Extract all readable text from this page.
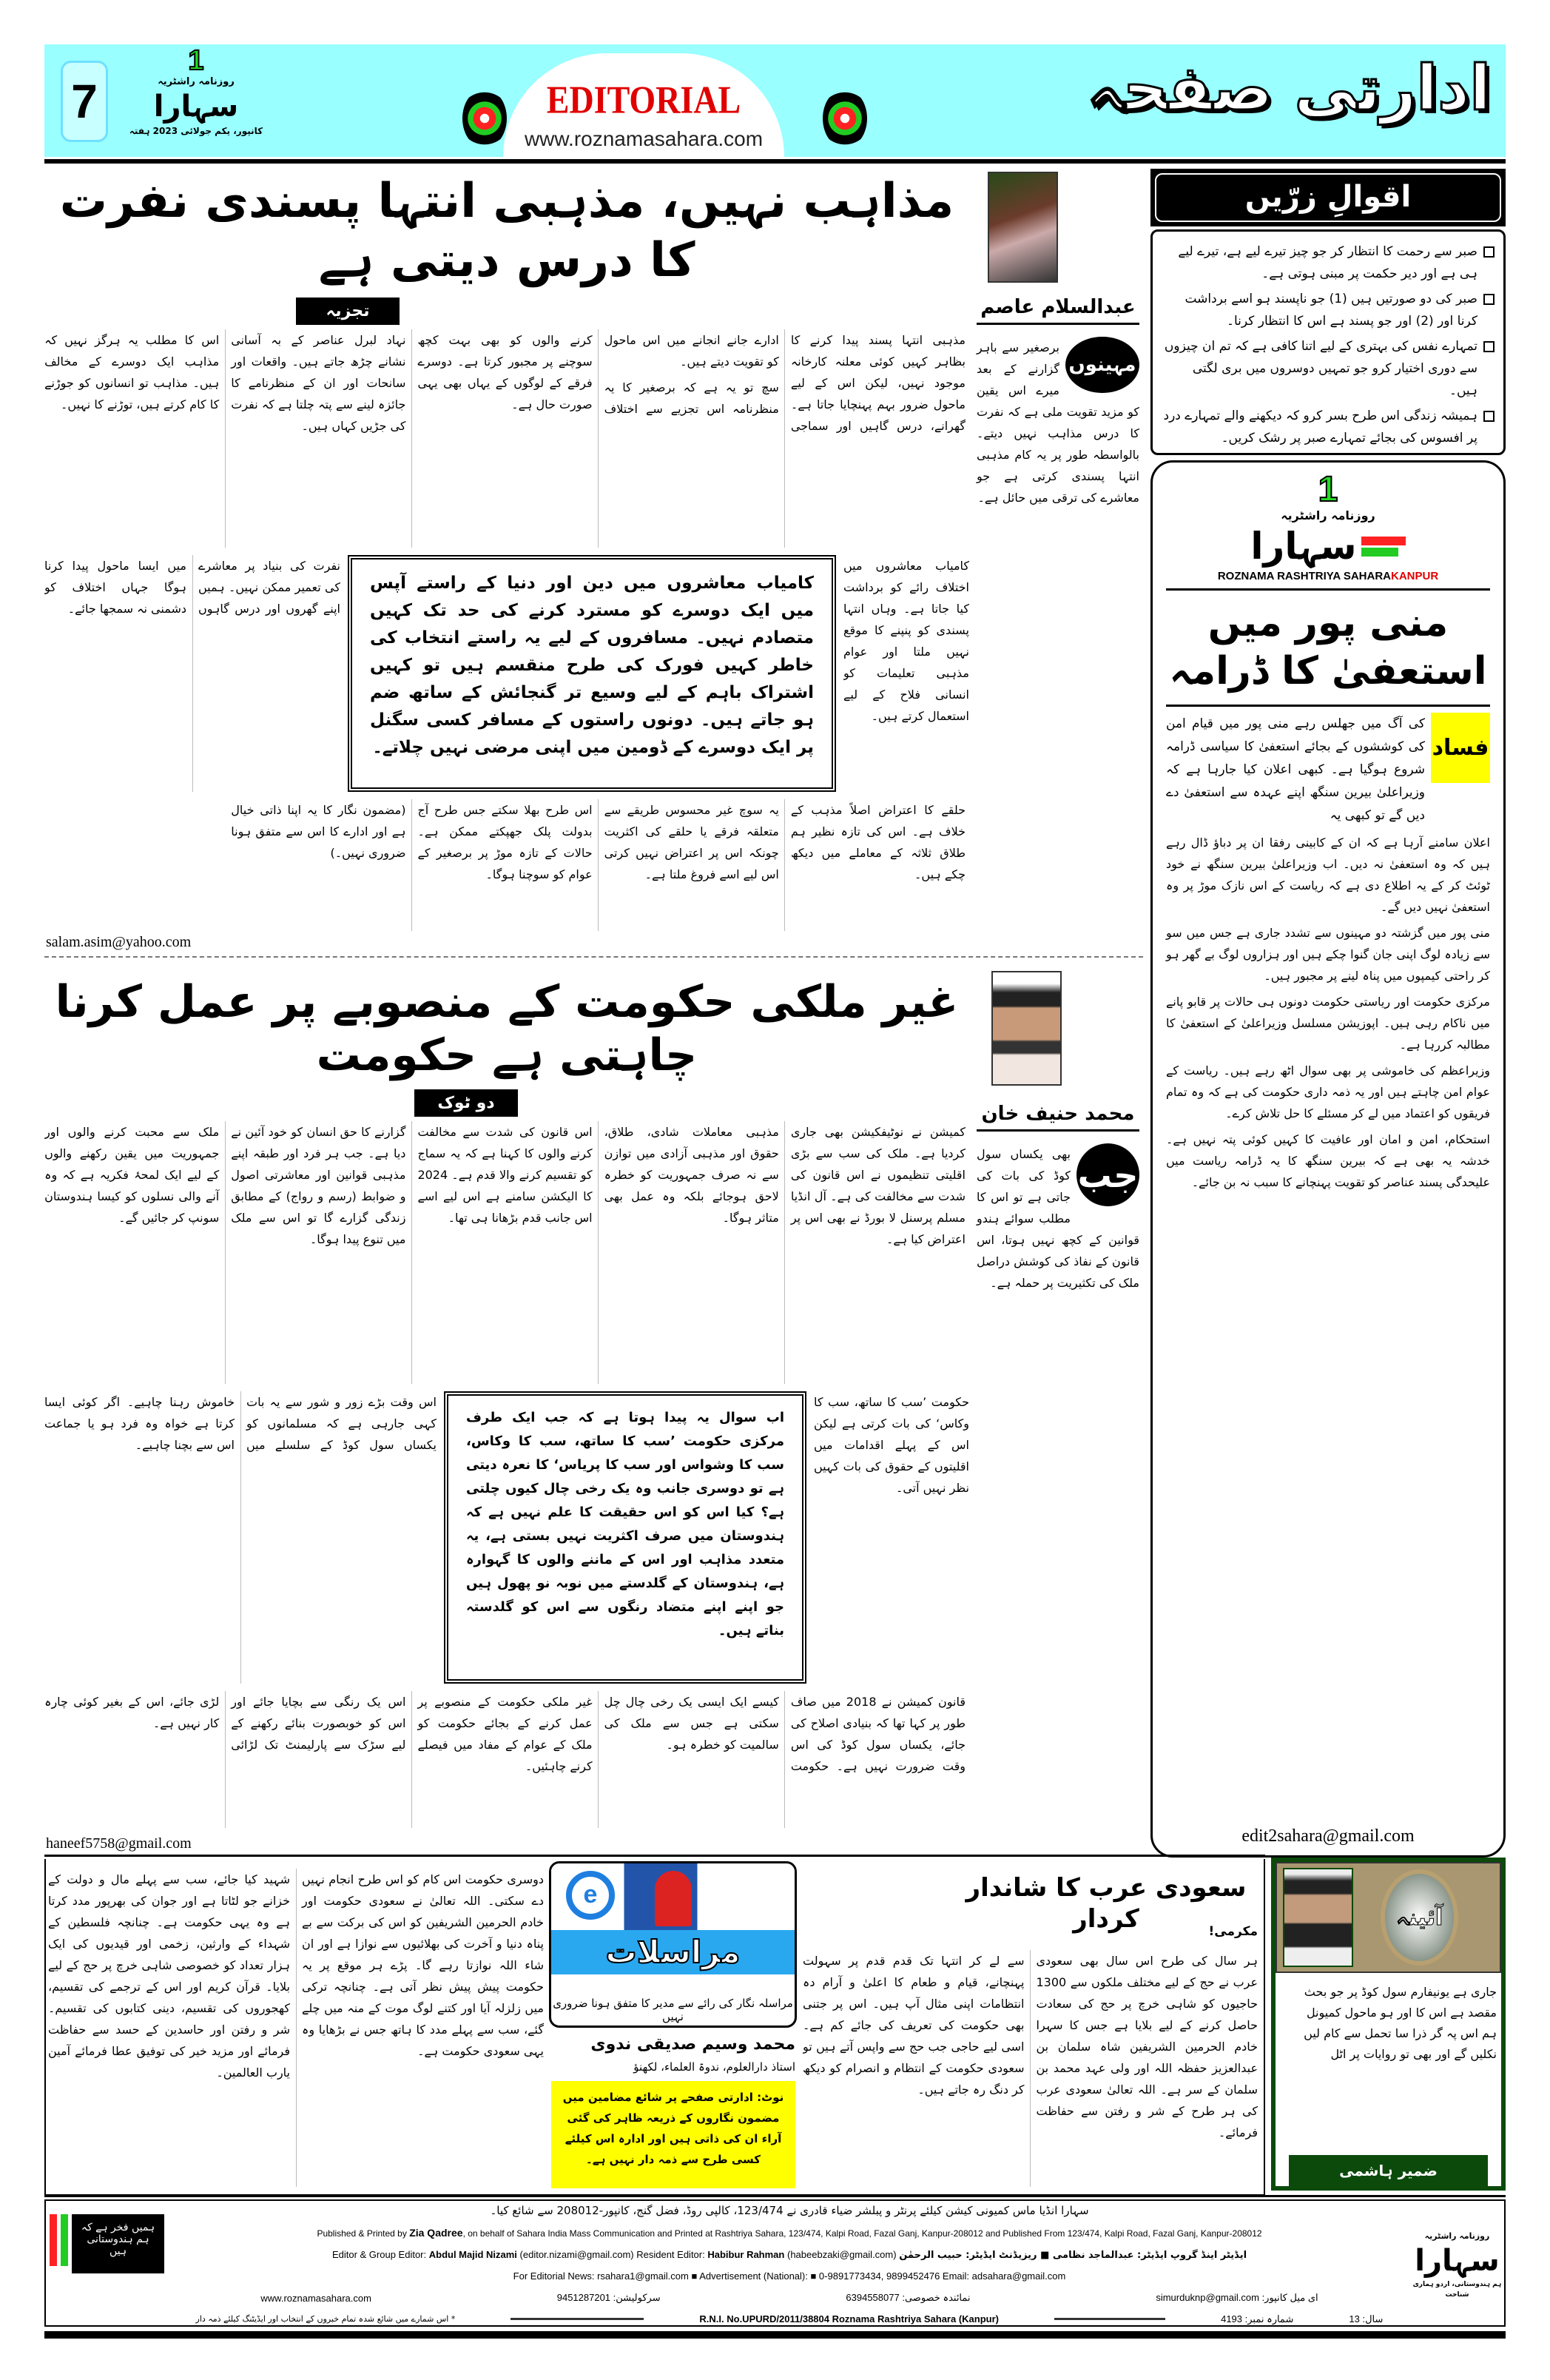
7
1
روزنامہ راشٹریہ
سہارا
کانپور، یکم جولائی 2023 ہفتہ
EDITORIAL
www.roznamasahara.com
ادارتی صفحہ
مذاہب نہیں، مذہبی انتہا پسندی نفرت کا درس دیتی ہے
عبدالسلام عاصم
مہینوں

برصغیر سے باہر گزارنے کے بعد میرے اس یقین کو مزید تقویت ملی ہے کہ نفرت کا درس مذاہب نہیں دیتے۔ بالواسطہ طور پر یہ کام مذہبی انتہا پسندی کرتی ہے جو معاشرے کی ترقی میں حائل ہے۔

تجزیہ

مذہبی انتہا پسند پیدا کرنے کا بظاہر کہیں کوئی معلنہ کارخانہ موجود نہیں، لیکن اس کے لیے ماحول ضرور بہم پہنچایا جاتا ہے۔ گھرانے، درس گاہیں اور سماجی ادارے جانے انجانے میں اس ماحول کو تقویت دیتے ہیں۔

سچ تو یہ ہے کہ برصغیر کا یہ منظرنامہ اس تجزیے سے اختلاف کرنے والوں کو بھی بہت کچھ سوچنے پر مجبور کرتا ہے۔ دوسرے فرقے کے لوگوں کے یہاں بھی یہی صورت حال ہے۔

نہاد لبرل عناصر کے بہ آسانی نشانے چڑھ جاتے ہیں۔ واقعات اور سانحات اور ان کے منظرنامے کا جائزہ لینے سے پتہ چلتا ہے کہ نفرت کی جڑیں کہاں ہیں۔

اس کا مطلب یہ ہرگز نہیں کہ مذاہب ایک دوسرے کے مخالف ہیں۔ مذاہب تو انسانوں کو جوڑنے کا کام کرتے ہیں، توڑنے کا نہیں۔

نفرت کی بنیاد پر معاشرے کی تعمیر ممکن نہیں۔ ہمیں اپنے گھروں اور درس گاہوں میں ایسا ماحول پیدا کرنا ہوگا جہاں اختلاف کو دشمنی نہ سمجھا جائے۔

کامیاب معاشروں میں دین اور دنیا کے راستے آپس میں ایک دوسرے کو مسترد کرنے کی حد تک کہیں متصادم نہیں۔ مسافروں کے لیے یہ راستے انتخاب کی خاطر کہیں فورک کی طرح منقسم ہیں تو کہیں اشتراک باہم کے لیے وسیع تر گنجائش کے ساتھ ضم ہو جاتے ہیں۔ دونوں راستوں کے مسافر کسی سگنل پر ایک دوسرے کے ڈومین میں اپنی مرضی نہیں چلاتے۔

کامیاب معاشروں میں اختلاف رائے کو برداشت کیا جاتا ہے۔ وہاں انتہا پسندی کو پنپنے کا موقع نہیں ملتا اور عوام مذہبی تعلیمات کو انسانی فلاح کے لیے استعمال کرتے ہیں۔

حلقے کا اعتراض اصلاً مذہب کے خلاف ہے۔ اس کی تازہ نظیر ہم طلاق ثلاثہ کے معاملے میں دیکھ چکے ہیں۔

یہ سوچ غیر محسوس طریقے سے متعلقہ فرقے یا حلقے کی اکثریت چونکہ اس پر اعتراض نہیں کرتی اس لیے اسے فروغ ملتا ہے۔

اس طرح بھلا سکتے جس طرح آج بدولت پلک جھپکتے ممکن ہے۔ حالات کے تازہ موڑ پر برصغیر کے عوام کو سوچنا ہوگا۔

(مضمون نگار کا یہ اپنا ذاتی خیال ہے اور ادارے کا اس سے متفق ہونا ضروری نہیں۔)

salam.asim@yahoo.com
اقوالِ زرّیں
صبر سے رحمت کا انتظار کر جو چیز تیرے لیے ہے، تیرے لیے ہی ہے اور دیر حکمت پر مبنی ہوتی ہے۔
صبر کی دو صورتیں ہیں (1) جو ناپسند ہو اسے برداشت کرنا اور (2) اور جو پسند ہے اس کا انتظار کرنا۔
تمہارے نفس کی بہتری کے لیے اتنا کافی ہے کہ تم ان چیزوں سے دوری اختیار کرو جو تمہیں دوسروں میں بری لگتی ہیں۔
ہمیشہ زندگی اس طرح بسر کرو کہ دیکھنے والے تمہارے درد پر افسوس کی بجائے تمہارے صبر پر رشک کریں۔
1
روزنامہ راشٹریہ
سہارا
ROZNAMA RASHTRIYA SAHARAKANPUR
منی پور میں استعفیٰ کا ڈرامہ
فساد

کی آگ میں جھلس رہے منی پور میں قیام امن کی کوششوں کے بجائے استعفیٰ کا سیاسی ڈرامہ شروع ہوگیا ہے۔ کبھی اعلان کیا جارہا ہے کہ وزیراعلیٰ بیرین سنگھ اپنے عہدہ سے استعفیٰ دے دیں گے تو کبھی یہ

اعلان سامنے آرہا ہے کہ ان کے کابینی رفقا ان پر دباؤ ڈال رہے ہیں کہ وہ استعفیٰ نہ دیں۔ اب وزیراعلیٰ بیرین سنگھ نے خود ٹوئٹ کر کے یہ اطلاع دی ہے کہ ریاست کے اس نازک موڑ پر وہ استعفیٰ نہیں دیں گے۔

منی پور میں گزشتہ دو مہینوں سے تشدد جاری ہے جس میں سو سے زیادہ لوگ اپنی جان گنوا چکے ہیں اور ہزاروں لوگ بے گھر ہو کر راحتی کیمپوں میں پناہ لینے پر مجبور ہیں۔

مرکزی حکومت اور ریاستی حکومت دونوں ہی حالات پر قابو پانے میں ناکام رہی ہیں۔ اپوزیشن مسلسل وزیراعلیٰ کے استعفیٰ کا مطالبہ کررہا ہے۔

وزیراعظم کی خاموشی پر بھی سوال اٹھ رہے ہیں۔ ریاست کے عوام امن چاہتے ہیں اور یہ ذمہ داری حکومت کی ہے کہ وہ تمام فریقوں کو اعتماد میں لے کر مسئلے کا حل تلاش کرے۔

استحکام، امن و امان اور عافیت کا کہیں کوئی پتہ نہیں ہے۔ خدشہ یہ بھی ہے کہ بیرین سنگھ کا یہ ڈرامہ ریاست میں علیحدگی پسند عناصر کو تقویت پہنچانے کا سبب نہ بن جائے۔

edit2sahara@gmail.com
غیر ملکی حکومت کے منصوبے پر عمل کرنا چاہتی ہے حکومت
محمد حنیف خان
جب

بھی یکساں سول کوڈ کی بات کی جاتی ہے تو اس کا مطلب سوائے ہندو قوانین کے کچھ نہیں ہوتا، اس قانون کے نفاذ کی کوشش دراصل ملک کی تکثیریت پر حملہ ہے۔

دو ٹوک

کمیشن نے نوٹیفکیشن بھی جاری کردیا ہے۔ ملک کی سب سے بڑی اقلیتی تنظیموں نے اس قانون کی شدت سے مخالفت کی ہے۔ آل انڈیا مسلم پرسنل لا بورڈ نے بھی اس پر اعتراض کیا ہے۔

مذہبی معاملات شادی، طلاق، حقوق اور مذہبی آزادی میں توازن سے نہ صرف جمہوریت کو خطرہ لاحق ہوجائے بلکہ وہ عمل بھی متاثر ہوگا۔

اس قانون کی شدت سے مخالفت کرنے والوں کا کہنا ہے کہ یہ سماج کو تقسیم کرنے والا قدم ہے۔ 2024 کا الیکشن سامنے ہے اس لیے اسے اس جانب قدم بڑھانا ہی تھا۔

گزارنے کا حق انسان کو خود آئین نے دیا ہے۔ جب ہر فرد اور طبقہ اپنے مذہبی قوانین اور معاشرتی اصول و ضوابط (رسم و رواج) کے مطابق زندگی گزارے گا تو اس سے ملک میں تنوع پیدا ہوگا۔

ملک سے محبت کرنے والوں اور جمہوریت میں یقین رکھنے والوں کے لیے ایک لمحۂ فکریہ ہے کہ وہ آنے والی نسلوں کو کیسا ہندوستان سونپ کر جائیں گے۔

اس وقت بڑے زور و شور سے یہ بات کہی جارہی ہے کہ مسلمانوں کو یکساں سول کوڈ کے سلسلے میں خاموش رہنا چاہیے۔ اگر کوئی ایسا کرتا ہے خواہ وہ فرد ہو یا جماعت اس سے بچنا چاہیے۔

اب سوال یہ پیدا ہوتا ہے کہ جب ایک طرف مرکزی حکومت ’سب کا ساتھ، سب کا وکاس، سب کا وشواس اور سب کا پریاس‘ کا نعرہ دیتی ہے تو دوسری جانب وہ یک رخی چال کیوں چلتی ہے؟ کیا اس کو اس حقیقت کا علم نہیں ہے کہ ہندوستان میں صرف اکثریت نہیں بستی ہے، یہ متعدد مذاہب اور اس کے ماننے والوں کا گہوارہ ہے، ہندوستان کے گلدستے میں نوبہ نو پھول ہیں جو اپنے اپنے متضاد رنگوں سے اس کو گلدستہ بناتے ہیں۔

حکومت ’سب کا ساتھ، سب کا وکاس‘ کی بات کرتی ہے لیکن اس کے پہلے اقدامات میں اقلیتوں کے حقوق کی بات کہیں نظر نہیں آتی۔

قانون کمیشن نے 2018 میں صاف طور پر کہا تھا کہ بنیادی اصلاح کی جائے، یکساں سول کوڈ کی اس وقت ضرورت نہیں ہے۔ حکومت کیسے ایک ایسی یک رخی چال چل سکتی ہے جس سے ملک کی سالمیت کو خطرہ ہو۔

غیر ملکی حکومت کے منصوبے پر عمل کرنے کے بجائے حکومت کو ملک کے عوام کے مفاد میں فیصلے کرنے چاہئیں۔

اس یک رنگی سے بچایا جائے اور اس کو خوبصورت بنائے رکھنے کے لیے سڑک سے پارلیمنٹ تک لڑائی لڑی جائے، اس کے بغیر کوئی چارہ کار نہیں ہے۔

haneef5758@gmail.com
e
مراسلات
مراسلہ نگار کی رائے سے مدیر کا متفق ہونا ضروری نہیں
سعودی عرب کا شاندار کردار	مکرمی!

ہر سال کی طرح اس سال بھی سعودی عرب نے حج کے لیے مختلف ملکوں سے 1300 حاجیوں کو شاہی خرچ پر حج کی سعادت حاصل کرنے کے لیے بلایا ہے جس کا سہرا خادم الحرمین الشریفین شاہ سلمان بن عبدالعزیز حفظہ اللہ اور ولی عہد محمد بن سلمان کے سر ہے۔ اللہ تعالیٰ سعودی عرب کی ہر طرح کے شر و رفتن سے حفاظت فرمائے۔

سے لے کر انتہا تک قدم قدم پر سہولت پہنچانے، قیام و طعام کا اعلیٰ و آرام دہ انتظامات اپنی مثال آپ ہیں۔ اس پر جتنی بھی حکومت کی تعریف کی جائے کم ہے۔ اسی لیے حاجی جب حج سے واپس آتے ہیں تو سعودی حکومت کے انتظام و انصرام کو دیکھ کر دنگ رہ جاتے ہیں۔

دوسری حکومت اس کام کو اس طرح انجام نہیں دے سکتی۔ اللہ تعالیٰ نے سعودی حکومت اور خادم الحرمین الشریفین کو اس کی برکت سے بے پناہ دنیا و آخرت کی بھلائیوں سے نوازا ہے اور ان شاء اللہ نوازتا رہے گا۔ پڑے ہر موقع پر یہ حکومت پیش پیش نظر آتی ہے۔ چنانچہ ترکی میں زلزلہ آیا اور کتنے لوگ موت کے منہ میں چلے گئے، سب سے پہلے مدد کا ہاتھ جس نے بڑھایا وہ یہی سعودی حکومت ہے۔

شہید کیا جائے، سب سے پہلے مال و دولت کے خزانے جو لٹاتا ہے اور جوان کی بھرپور مدد کرتا ہے وہ یہی حکومت ہے۔ چنانچہ فلسطین کے شہداء کے وارثین، زخمی اور قیدیوں کی ایک ہزار تعداد کو خصوصی شاہی خرچ پر حج کے لیے بلایا۔ قرآن کریم اور اس کے ترجمے کی تقسیم، کھجوروں کی تقسیم، دینی کتابوں کی تقسیم۔ شر و رفتن اور حاسدین کے حسد سے حفاظت فرمائے اور مزید خیر کی توفیق عطا فرمائے آمین یارب العالمین۔

محمد وسیم صدیقی ندوی
استاذ دارالعلوم، ندوۃ العلماء، لکھنؤ
نوٹ: ادارتی صفحے پر شائع مضامین میں مضمون نگاروں کے ذریعہ ظاہر کی گئی آراء ان کی ذاتی ہیں اور ادارہ اس کیلئے کسی طرح سے ذمہ دار نہیں ہے۔
آئینہ
جاری ہے یونیفارم سول کوڈ پر جو بحث
مقصد ہے اس کا اور ہو ماحول کمیونل
ہم اس پہ گر ذرا سا تحمل سے کام لیں
نکلیں گے اور بھی تو روایات پر اٹل
ضمیر ہاشمی
ہمیں فخر ہے کہ ہم ہندوستانی ہیں
سہارا انڈیا ماس کمیونی کیشن کیلئے پرنٹر و پبلشر ضیاء قادری نے 123/474، کالپی روڈ، فضل گنج، کانپور-208012 سے شائع کیا۔
Published & Printed by Zia Qadree, on behalf of Sahara India Mass Communication and Printed at Rashtriya Sahara, 123/474, Kalpi Road, Fazal Ganj, Kanpur-208012 and Published From 123/474, Kalpi Road, Fazal Ganj, Kanpur-208012
Editor & Group Editor: Abdul Majid Nizami (editor.nizami@gmail.com) Resident Editor: Habibur Rahman (habeebzaki@gmail.com) ایڈیٹر اینڈ گروپ ایڈیٹر: عبدالماجد نظامی ■ ریزیڈنٹ ایڈیٹر: حبیب الرحمٰن
For Editorial News: rsahara1@gmail.com ■ Advertisement (National): ■ 0-9891773434, 9899452476 Email: adsahara@gmail.com
www.roznamasahara.com	سرکولیشن: 9451287201	نمائندہ خصوصی: 6394558077	ای میل کانپور: simurduknp@gmail.com
* اس شمارے میں شائع شدہ تمام خبروں کے انتخاب اور ایڈیٹنگ کیلئے ذمہ دار	R.N.I. No.UPURD/2011/38804 Roznama Rashtriya Sahara (Kanpur)	شمارہ نمبر: 4193	سال: 13
روزنامہ راشٹریہ
سہارا
ہم ہندوستانی، اردو ہماری شناخت
